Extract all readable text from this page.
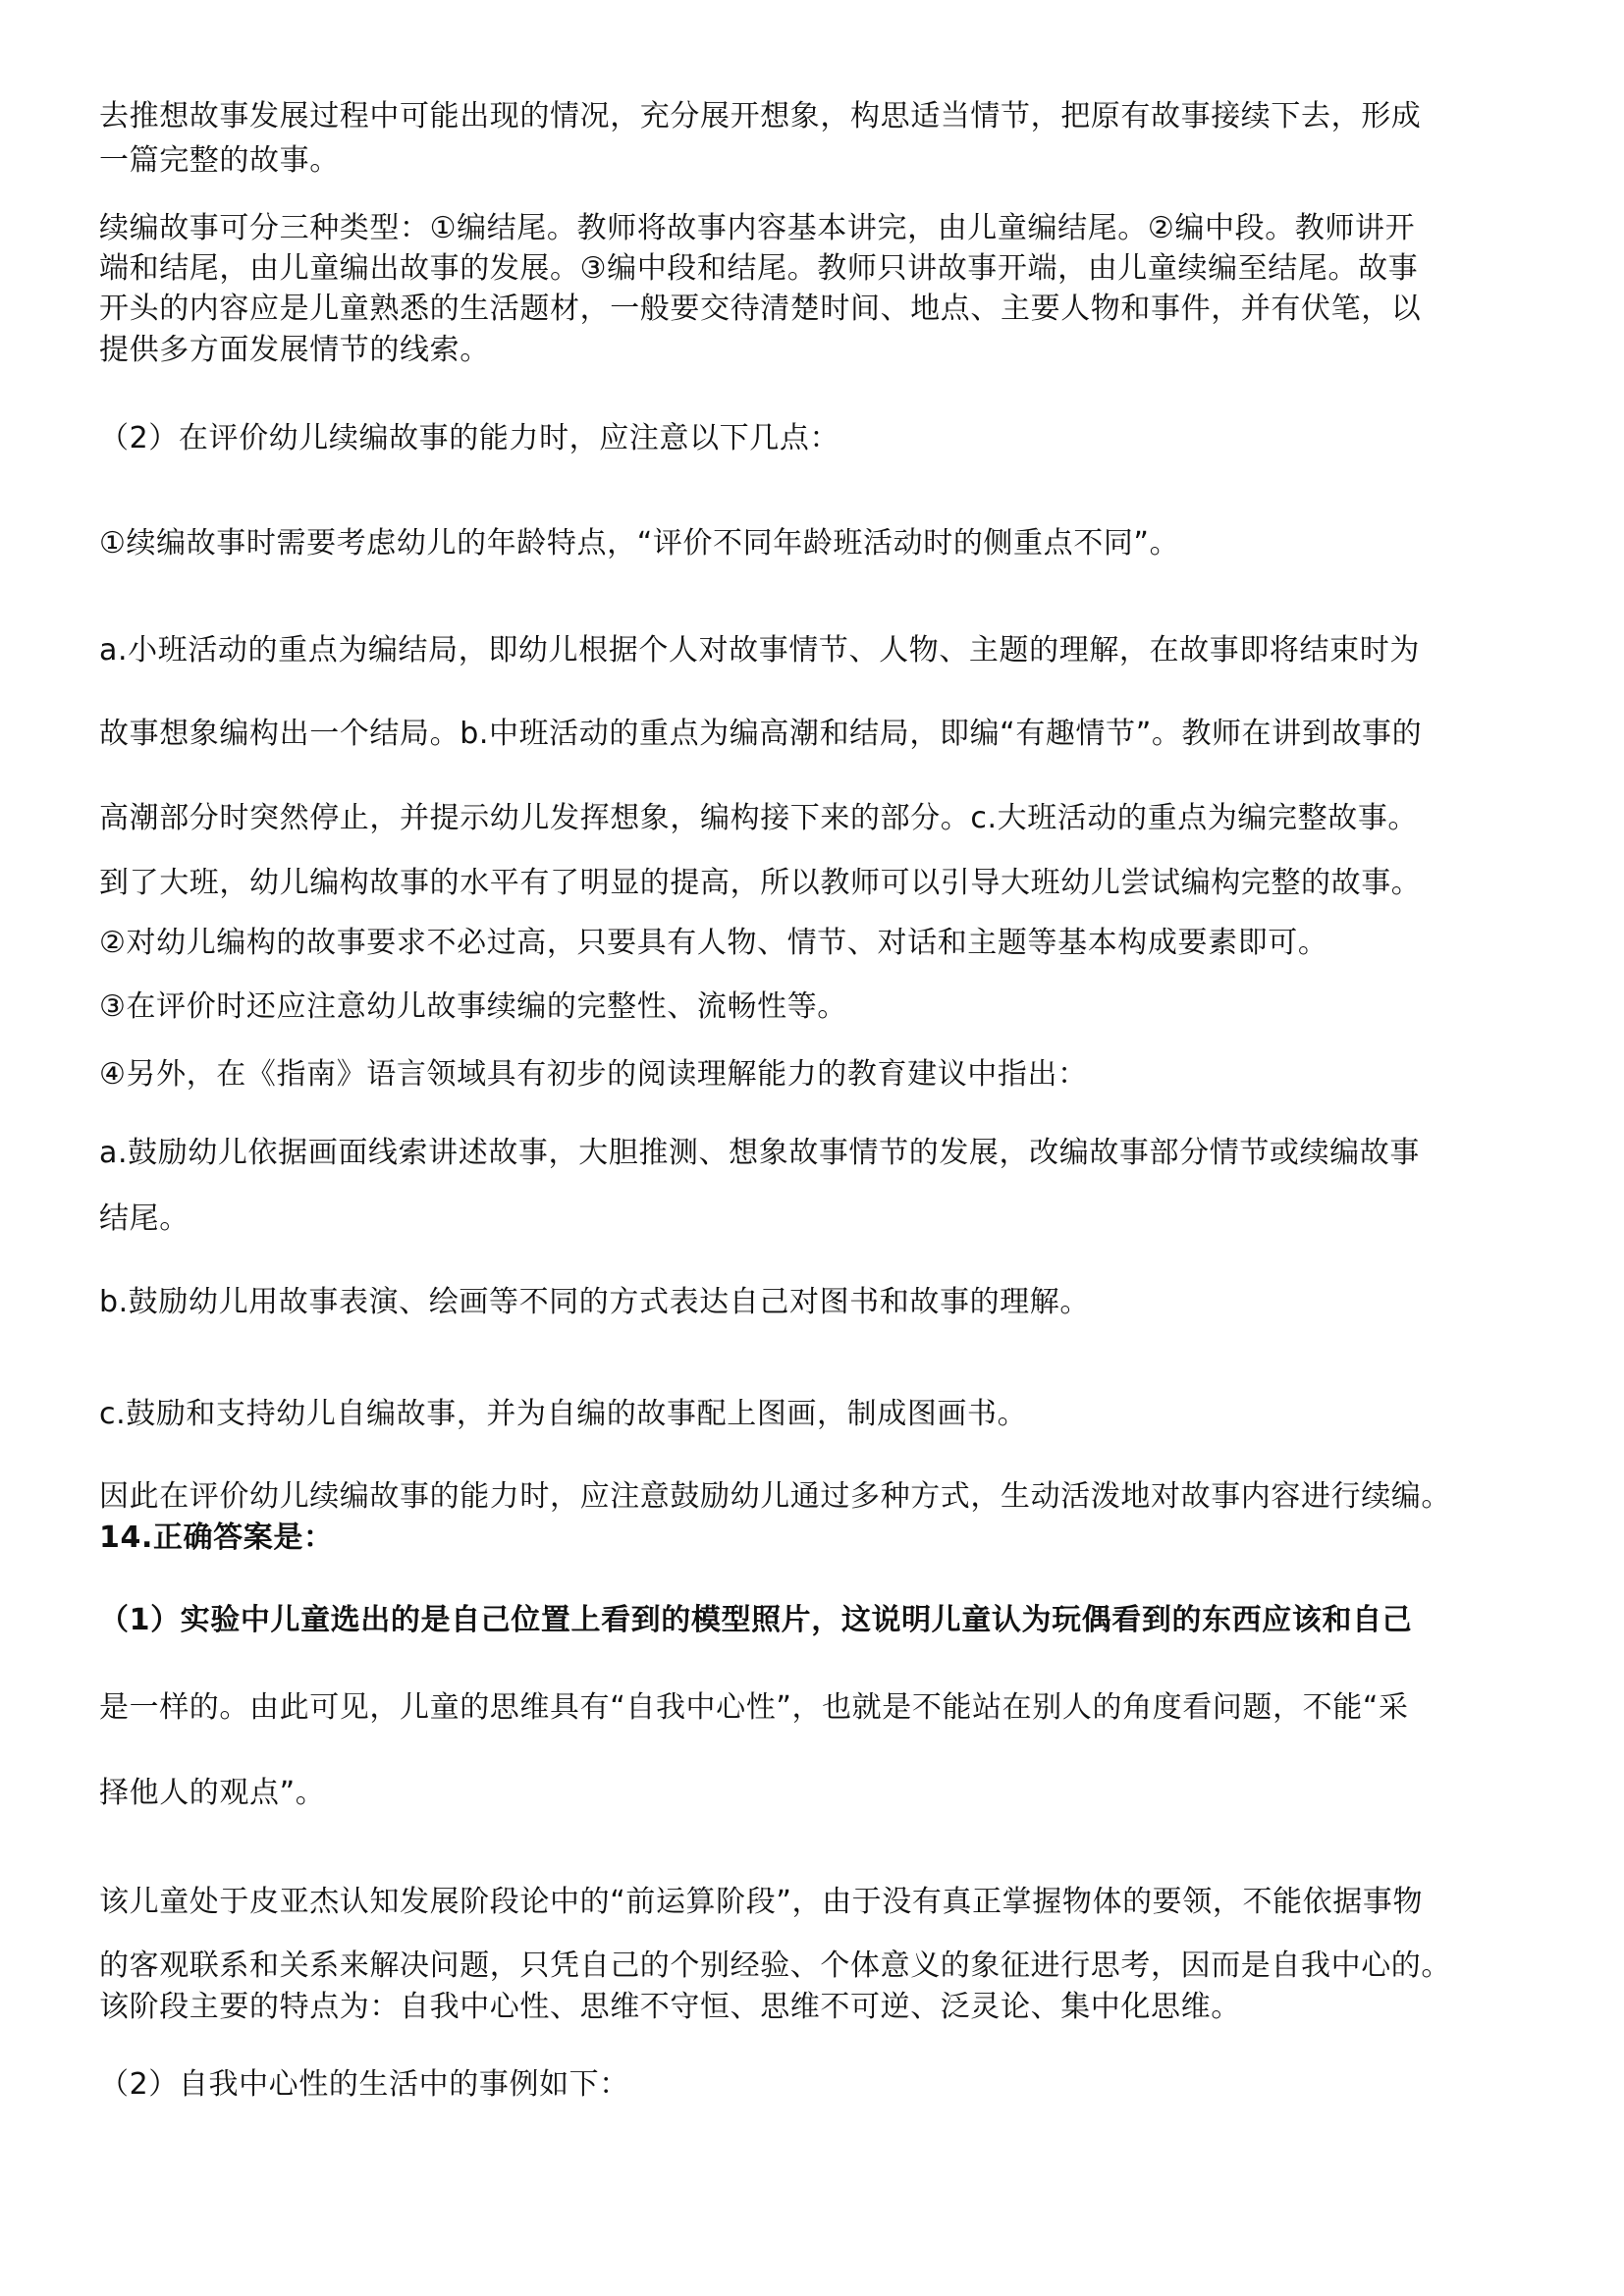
去推想故事发展过程中可能出现的情况，充分展开想象，构思适当情节，把原有故事接续下去，形成

一篇完整的故事。

续编故事可分三种类型：①编结尾。教师将故事内容基本讲完，由儿童编结尾。②编中段。教师讲开

端和结尾，由儿童编出故事的发展。③编中段和结尾。教师只讲故事开端，由儿童续编至结尾。故事

开头的内容应是儿童熟悉的生活题材，一般要交待清楚时间、地点、主要人物和事件，并有伏笔，以

提供多方面发展情节的线索。

（2）在评价幼儿续编故事的能力时，应注意以下几点：

①续编故事时需要考虑幼儿的年龄特点，“评价不同年龄班活动时的侧重点不同”。

a.小班活动的重点为编结局，即幼儿根据个人对故事情节、人物、主题的理解，在故事即将结束时为

故事想象编构出一个结局。b.中班活动的重点为编高潮和结局，即编“有趣情节”。教师在讲到故事的

高潮部分时突然停止，并提示幼儿发挥想象，编构接下来的部分。c.大班活动的重点为编完整故事。

到了大班，幼儿编构故事的水平有了明显的提高，所以教师可以引导大班幼儿尝试编构完整的故事。

②对幼儿编构的故事要求不必过高，只要具有人物、情节、对话和主题等基本构成要素即可。

③在评价时还应注意幼儿故事续编的完整性、流畅性等。

④另外，在《指南》语言领域具有初步的阅读理解能力的教育建议中指出：

a.鼓励幼儿依据画面线索讲述故事，大胆推测、想象故事情节的发展，改编故事部分情节或续编故事

结尾。

b.鼓励幼儿用故事表演、绘画等不同的方式表达自己对图书和故事的理解。

c.鼓励和支持幼儿自编故事，并为自编的故事配上图画，制成图画书。

因此在评价幼儿续编故事的能力时，应注意鼓励幼儿通过多种方式，生动活泼地对故事内容进行续编。

14.正确答案是：

（1）实验中儿童选出的是自己位置上看到的模型照片，这说明儿童认为玩偶看到的东西应该和自己

是一样的。由此可见，儿童的思维具有“自我中心性”，也就是不能站在别人的角度看问题，不能“采

择他人的观点”。

该儿童处于皮亚杰认知发展阶段论中的“前运算阶段”，由于没有真正掌握物体的要领，不能依据事物

的客观联系和关系来解决问题，只凭自己的个别经验、个体意义的象征进行思考，因而是自我中心的。

该阶段主要的特点为：自我中心性、思维不守恒、思维不可逆、泛灵论、集中化思维。

（2）自我中心性的生活中的事例如下：
